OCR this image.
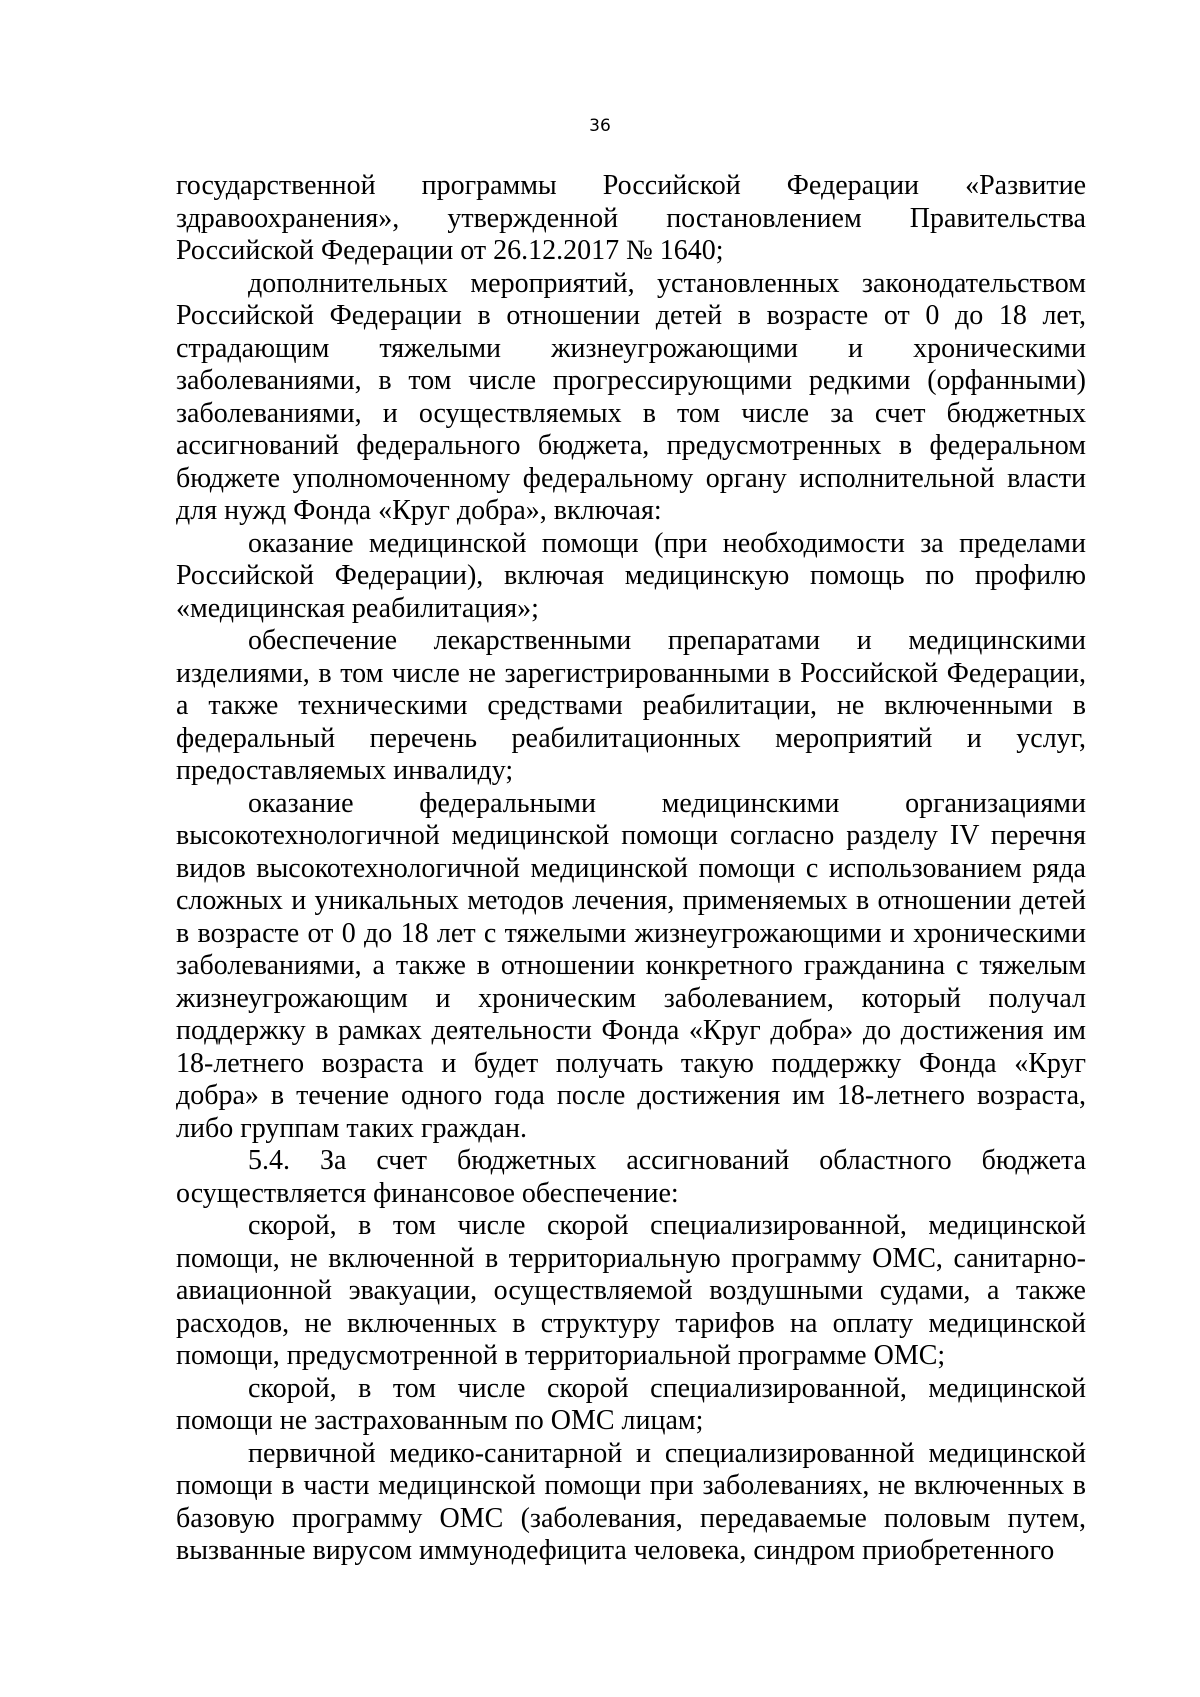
36

государственной программы Российской Федерации «Развитие здравоохранения», утвержденной постановлением Правительства Российской Федерации от 26.12.2017 № 1640;

дополнительных мероприятий, установленных законодательством Российской Федерации в отношении детей в возрасте от 0 до 18 лет, страдающим тяжелыми жизнеугрожающими и хроническими заболеваниями, в том числе прогрессирующими редкими (орфанными) заболеваниями, и осуществляемых в том числе за счет бюджетных ассигнований федерального бюджета, предусмотренных в федеральном бюджете уполномоченному федеральному органу исполнительной власти для нужд Фонда «Круг добра», включая:

оказание медицинской помощи (при необходимости за пределами Российской Федерации), включая медицинскую помощь по профилю «медицинская реабилитация»;

обеспечение лекарственными препаратами и медицинскими изделиями, в том числе не зарегистрированными в Российской Федерации, а также техническими средствами реабилитации, не включенными в федеральный перечень реабилитационных мероприятий и услуг, предоставляемых инвалиду;

оказание федеральными медицинскими организациями высокотехнологичной медицинской помощи согласно разделу IV перечня видов высокотехнологичной медицинской помощи с использованием ряда сложных и уникальных методов лечения, применяемых в отношении детей в возрасте от 0 до 18 лет с тяжелыми жизнеугрожающими и хроническими заболеваниями, а также в отношении конкретного гражданина с тяжелым жизнеугрожающим и хроническим заболеванием, который получал поддержку в рамках деятельности Фонда «Круг добра» до достижения им 18-летнего возраста и будет получать такую поддержку Фонда «Круг добра» в течение одного года после достижения им 18-летнего возраста, либо группам таких граждан.

5.4. За счет бюджетных ассигнований областного бюджета осуществляется финансовое обеспечение:

скорой, в том числе скорой специализированной, медицинской помощи, не включенной в территориальную программу ОМС, санитарно-авиационной эвакуации, осуществляемой воздушными судами, а также расходов, не включенных в структуру тарифов на оплату медицинской помощи, предусмотренной в территориальной программе ОМС;

скорой, в том числе скорой специализированной, медицинской помощи не застрахованным по ОМС лицам;

первичной медико-санитарной и специализированной медицинской помощи в части медицинской помощи при заболеваниях, не включенных в базовую программу ОМС (заболевания, передаваемые половым путем, вызванные вирусом иммунодефицита человека, синдром приобретенного
